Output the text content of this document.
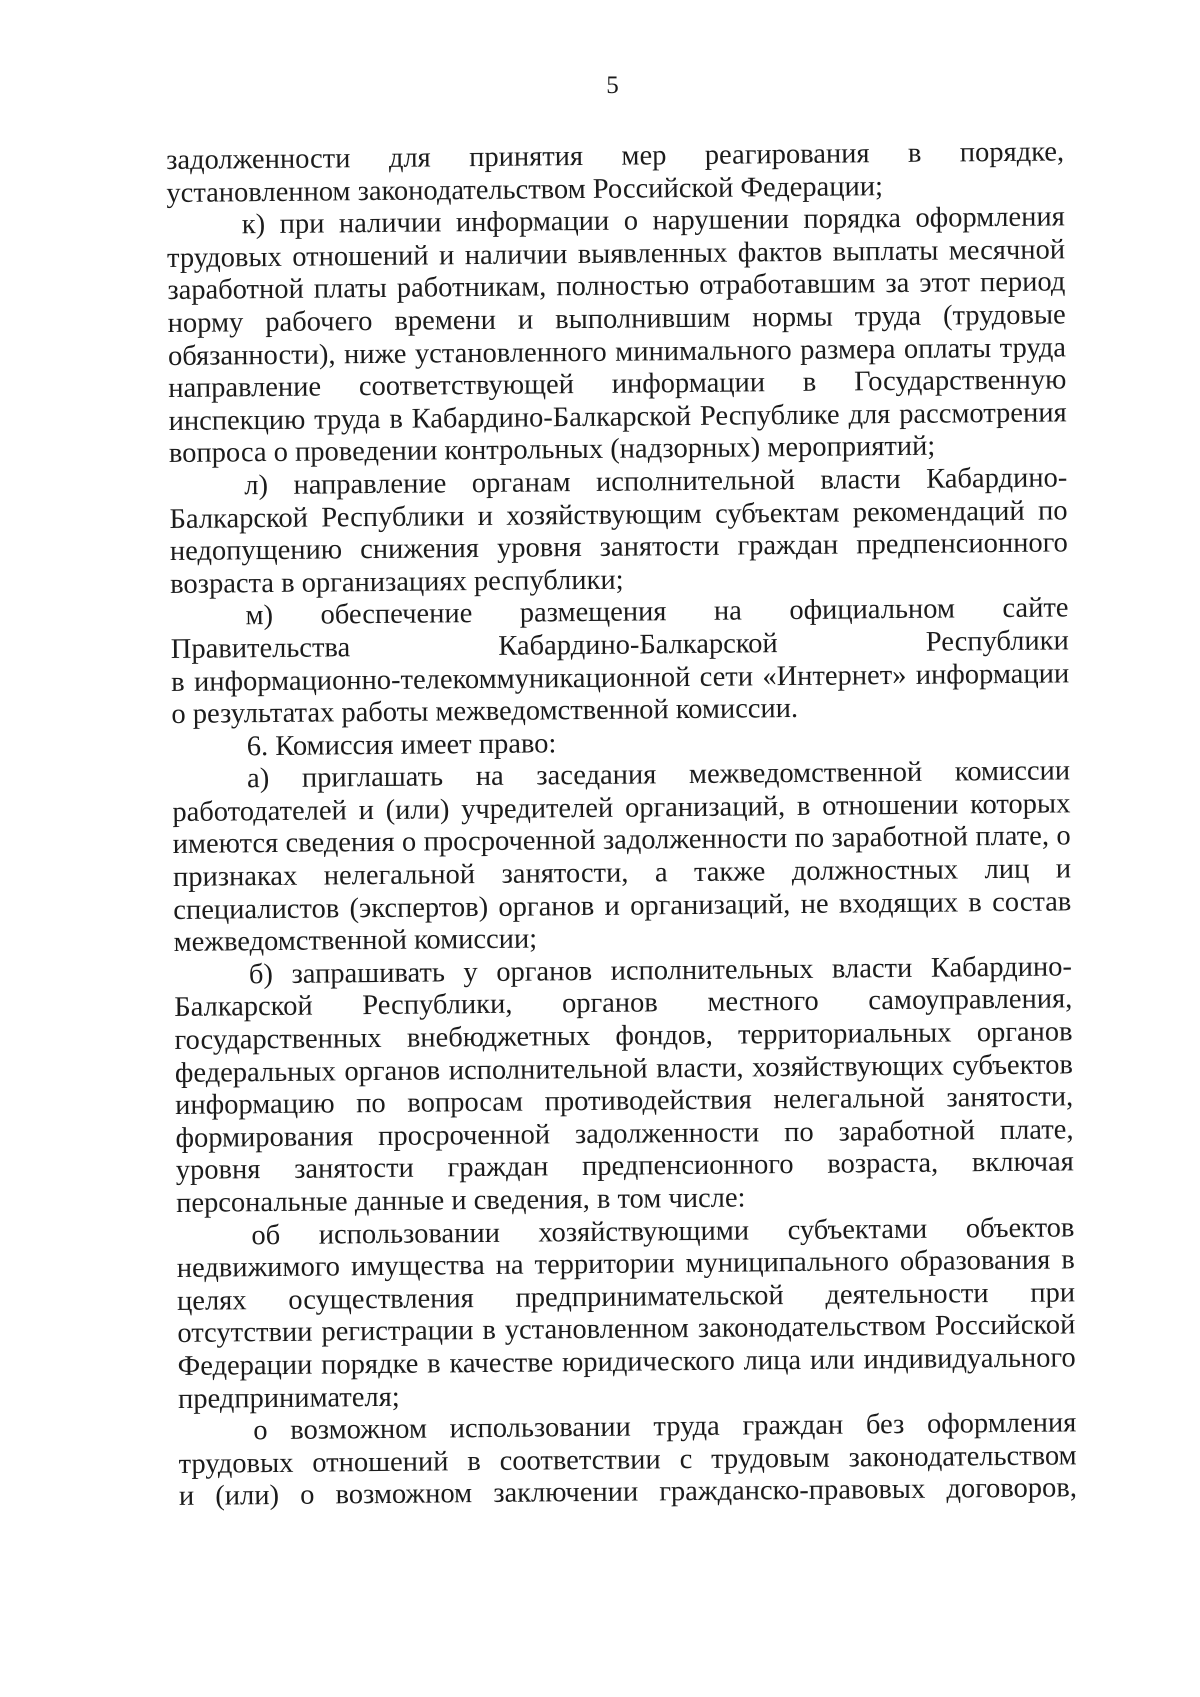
5

задолженности для принятия мер реагирования в порядке,

установленном законодательством Российской Федерации;

к) при наличии информации о нарушении порядка оформления трудовых отношений и наличии выявленных фактов выплаты месячной заработной платы работникам, полностью отработавшим за этот период норму рабочего времени и выполнившим нормы труда (трудовые обязанности), ниже установленного минимального размера оплаты труда направление соответствующей информации в Государственную инспекцию труда в Кабардино-Балкарской Республике для рассмотрения вопроса о проведении контрольных (надзорных) мероприятий;

л) направление органам исполнительной власти Кабардино-Балкарской Республики и хозяйствующим субъектам рекомендаций по недопущению снижения уровня занятости граждан предпенсионного возраста в организациях республики;

м) обеспечение размещения на официальном сайте

Правительства Кабардино-Балкарской Республики

в информационно-телекоммуникационной сети «Интернет» информации о результатах работы межведомственной комиссии.

6. Комиссия имеет право:

а) приглашать на заседания межведомственной комиссии работодателей и (или) учредителей организаций, в отношении которых имеются сведения о просроченной задолженности по заработной плате, о признаках нелегальной занятости, а также должностных лиц и специалистов (экспертов) органов и организаций, не входящих в состав межведомственной комиссии;

б) запрашивать у органов исполнительных власти Кабардино-Балкарской Республики, органов местного самоуправления, государственных внебюджетных фондов, территориальных органов федеральных органов исполнительной власти, хозяйствующих субъектов информацию по вопросам противодействия нелегальной занятости, формирования просроченной задолженности по заработной плате, уровня занятости граждан предпенсионного возраста, включая персональные данные и сведения, в том числе:

об использовании хозяйствующими субъектами объектов недвижимого имущества на территории муниципального образования в целях осуществления предпринимательской деятельности при отсутствии регистрации в установленном законодательством Российской Федерации порядке в качестве юридического лица или индивидуального предпринимателя;

о возможном использовании труда граждан без оформления

трудовых отношений в соответствии с трудовым законодательством

и (или) о возможном заключении гражданско-правовых договоров,
